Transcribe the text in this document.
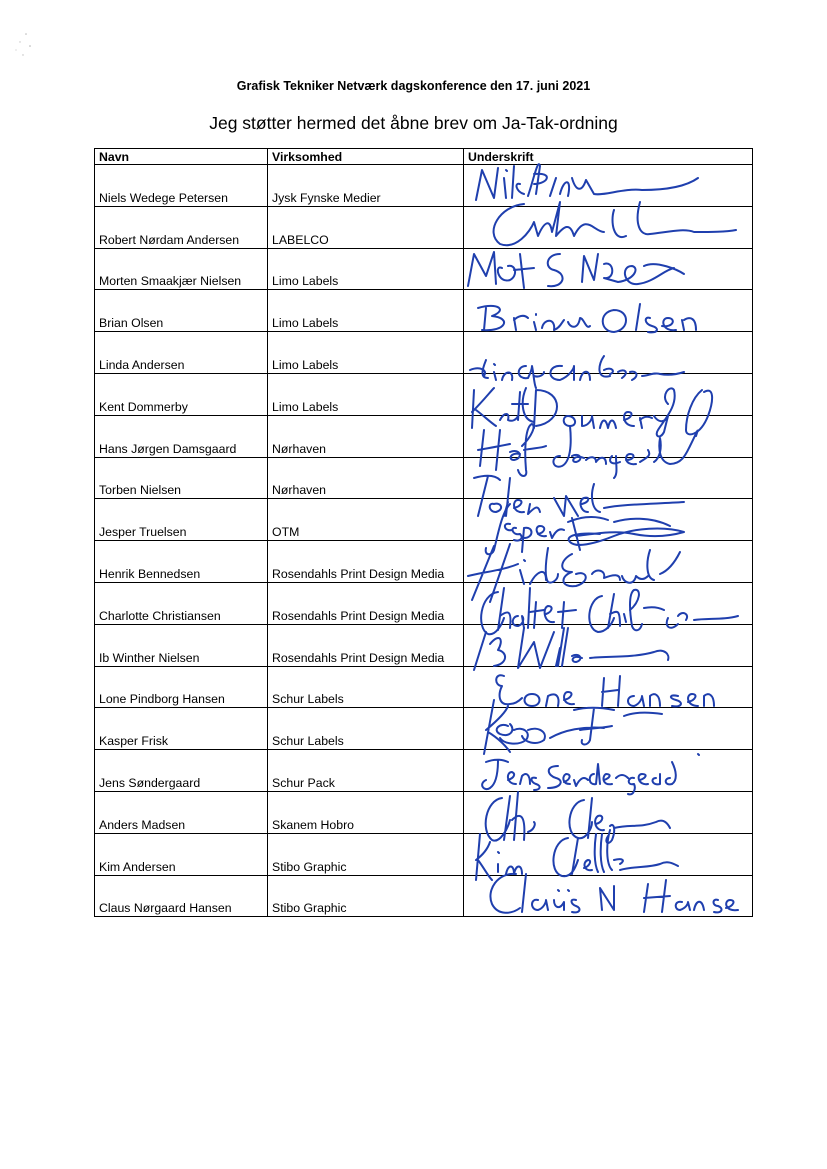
Grafisk Tekniker Netværk dagskonference den 17. juni 2021
Jeg støtter hermed det åbne brev om Ja-Tak-ordning
Navn	Virksomhed	Underskrift
Niels Wedege Petersen	Jysk Fynske Medier	
Robert Nørdam Andersen	LABELCO	
Morten Smaakjær Nielsen	Limo Labels	
Brian Olsen	Limo Labels	
Linda Andersen	Limo Labels	
Kent Dommerby	Limo Labels	
Hans Jørgen Damsgaard	Nørhaven	
Torben Nielsen	Nørhaven	
Jesper Truelsen	OTM	
Henrik Bennedsen	Rosendahls Print Design Media	
Charlotte Christiansen	Rosendahls Print Design Media	
Ib Winther Nielsen	Rosendahls Print Design Media	
Lone Pindborg Hansen	Schur Labels	
Kasper Frisk	Schur Labels	
Jens Søndergaard	Schur Pack	
Anders Madsen	Skanem Hobro	
Kim Andersen	Stibo Graphic	
Claus Nørgaard Hansen	Stibo Graphic	
